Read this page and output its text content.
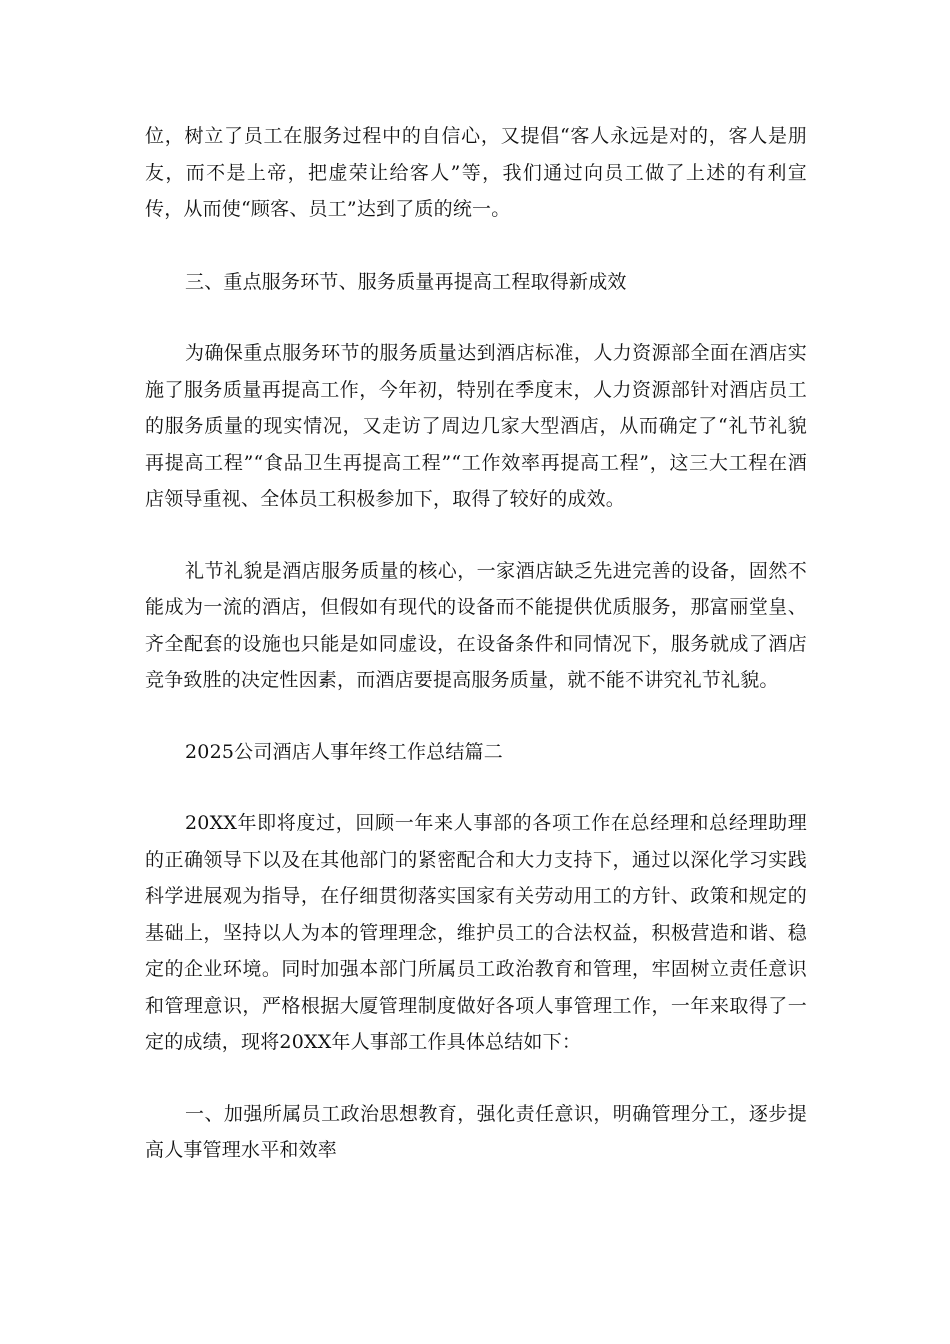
位，树立了员工在服务过程中的自信心，又提倡“客人永远是对的，客人是朋友，而不是上帝，把虚荣让给客人”等，我们通过向员工做了上述的有利宣传，从而使“顾客、员工”达到了质的统一。

三、重点服务环节、服务质量再提高工程取得新成效

为确保重点服务环节的服务质量达到酒店标准，人力资源部全面在酒店实施了服务质量再提高工作，今年初，特别在季度末，人力资源部针对酒店员工的服务质量的现实情况，又走访了周边几家大型酒店，从而确定了“礼节礼貌再提高工程”“食品卫生再提高工程”“工作效率再提高工程”，这三大工程在酒店领导重视、全体员工积极参加下，取得了较好的成效。

礼节礼貌是酒店服务质量的核心，一家酒店缺乏先进完善的设备，固然不能成为一流的酒店，但假如有现代的设备而不能提供优质服务，那富丽堂皇、齐全配套的设施也只能是如同虚设，在设备条件和同情况下，服务就成了酒店竞争致胜的决定性因素，而酒店要提高服务质量，就不能不讲究礼节礼貌。

2025公司酒店人事年终工作总结篇二

20XX年即将度过，回顾一年来人事部的各项工作在总经理和总经理助理的正确领导下以及在其他部门的紧密配合和大力支持下，通过以深化学习实践科学进展观为指导，在仔细贯彻落实国家有关劳动用工的方针、政策和规定的基础上，坚持以人为本的管理理念，维护员工的合法权益，积极营造和谐、稳定的企业环境。同时加强本部门所属员工政治教育和管理，牢固树立责任意识和管理意识，严格根据大厦管理制度做好各项人事管理工作，一年来取得了一定的成绩，现将20XX年人事部工作具体总结如下：

一、加强所属员工政治思想教育，强化责任意识，明确管理分工，逐步提高人事管理水平和效率
